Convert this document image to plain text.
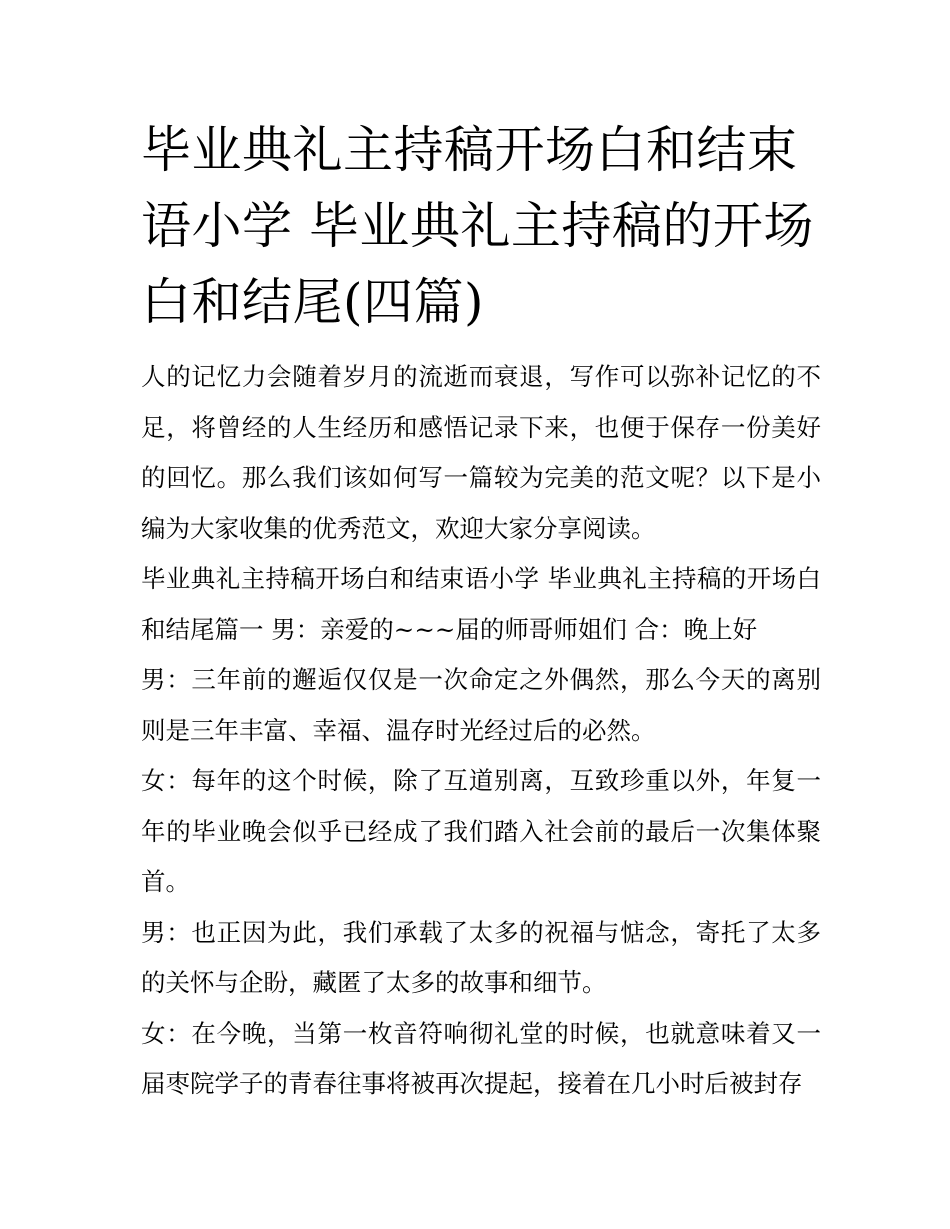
毕业典礼主持稿开场白和结束语小学 毕业典礼主持稿的开场白和结尾(四篇)

人的记忆力会随着岁月的流逝而衰退，写作可以弥补记忆的不足，将曾经的人生经历和感悟记录下来，也便于保存一份美好的回忆。那么我们该如何写一篇较为完美的范文呢？以下是小编为大家收集的优秀范文，欢迎大家分享阅读。

毕业典礼主持稿开场白和结束语小学 毕业典礼主持稿的开场白和结尾篇一 男：亲爱的~~~届的师哥师姐们 合：晚上好

男：三年前的邂逅仅仅是一次命定之外偶然，那么今天的离别则是三年丰富、幸福、温存时光经过后的必然。

女：每年的这个时候，除了互道别离，互致珍重以外，年复一年的毕业晚会似乎已经成了我们踏入社会前的最后一次集体聚首。

男：也正因为此，我们承载了太多的祝福与惦念，寄托了太多的关怀与企盼，藏匿了太多的故事和细节。

女：在今晚，当第一枚音符响彻礼堂的时候，也就意味着又一届枣院学子的青春往事将被再次提起，接着在几小时后被封存
